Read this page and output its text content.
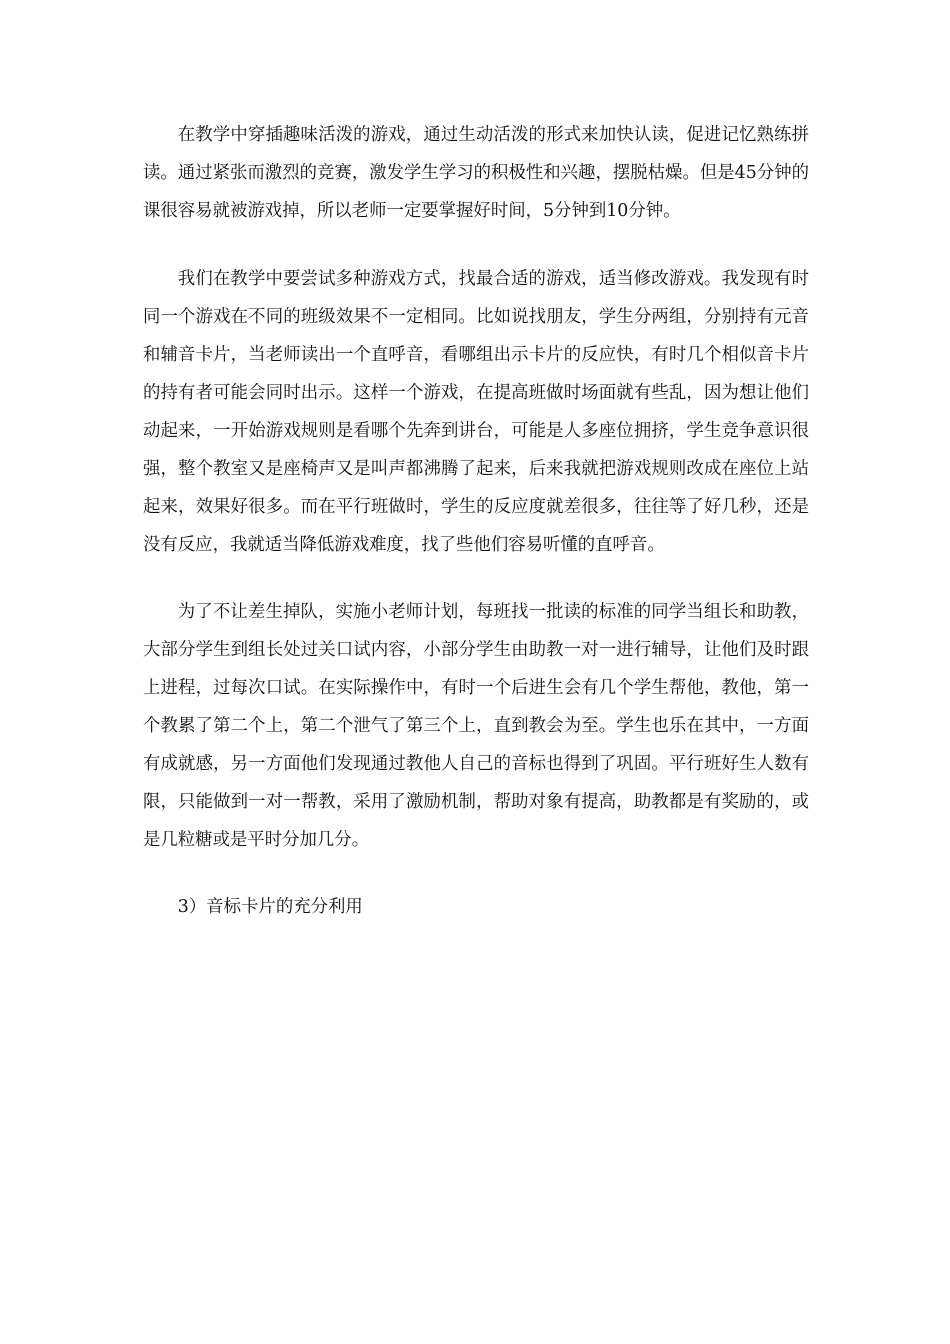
在教学中穿插趣味活泼的游戏，通过生动活泼的形式来加快认读，促进记忆熟练拼读。通过紧张而激烈的竞赛，激发学生学习的积极性和兴趣，摆脱枯燥。但是45分钟的课很容易就被游戏掉，所以老师一定要掌握好时间，5分钟到10分钟。

我们在教学中要尝试多种游戏方式，找最合适的游戏，适当修改游戏。我发现有时同一个游戏在不同的班级效果不一定相同。比如说找朋友，学生分两组，分别持有元音和辅音卡片，当老师读出一个直呼音，看哪组出示卡片的反应快，有时几个相似音卡片的持有者可能会同时出示。这样一个游戏，在提高班做时场面就有些乱，因为想让他们动起来，一开始游戏规则是看哪个先奔到讲台，可能是人多座位拥挤，学生竞争意识很强，整个教室又是座椅声又是叫声都沸腾了起来，后来我就把游戏规则改成在座位上站起来，效果好很多。而在平行班做时，学生的反应度就差很多，往往等了好几秒，还是没有反应，我就适当降低游戏难度，找了些他们容易听懂的直呼音。

为了不让差生掉队，实施小老师计划，每班找一批读的标准的同学当组长和助教，大部分学生到组长处过关口试内容，小部分学生由助教一对一进行辅导，让他们及时跟上进程，过每次口试。在实际操作中，有时一个后进生会有几个学生帮他，教他，第一个教累了第二个上，第二个泄气了第三个上，直到教会为至。学生也乐在其中，一方面有成就感，另一方面他们发现通过教他人自己的音标也得到了巩固。平行班好生人数有限，只能做到一对一帮教，采用了激励机制，帮助对象有提高，助教都是有奖励的，或是几粒糖或是平时分加几分。

3）音标卡片的充分利用
